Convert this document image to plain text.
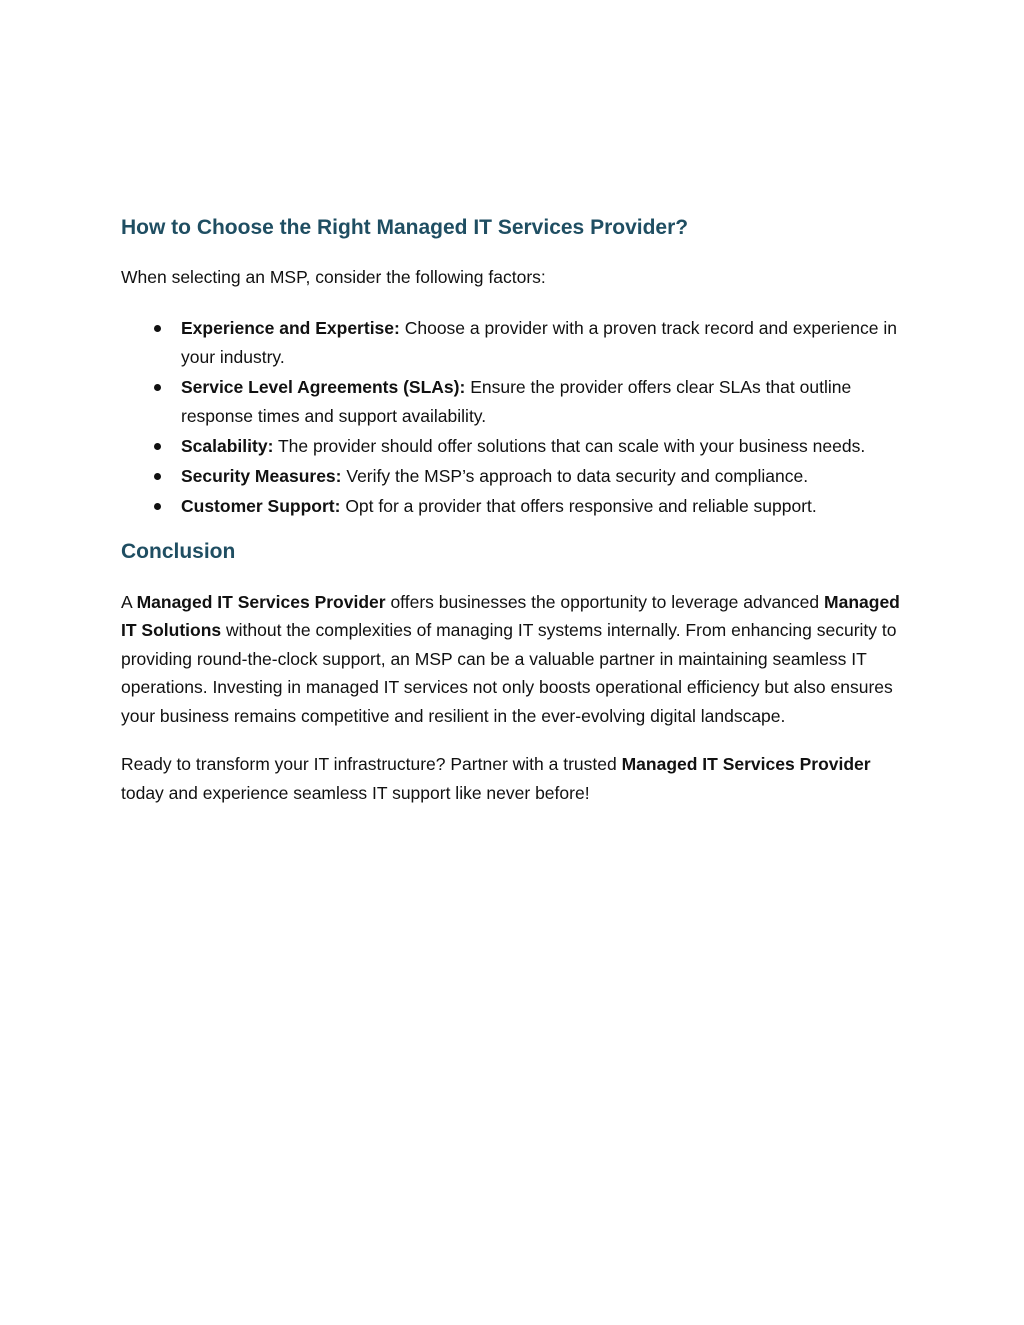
How to Choose the Right Managed IT Services Provider?

When selecting an MSP, consider the following factors:

Experience and Expertise: Choose a provider with a proven track record and experience in your industry.
Service Level Agreements (SLAs): Ensure the provider offers clear SLAs that outline response times and support availability.
Scalability: The provider should offer solutions that can scale with your business needs.
Security Measures: Verify the MSP’s approach to data security and compliance.
Customer Support: Opt for a provider that offers responsive and reliable support.
Conclusion

A Managed IT Services Provider offers businesses the opportunity to leverage advanced Managed IT Solutions without the complexities of managing IT systems internally. From enhancing security to providing round-the-clock support, an MSP can be a valuable partner in maintaining seamless IT operations. Investing in managed IT services not only boosts operational efficiency but also ensures your business remains competitive and resilient in the ever-evolving digital landscape.

Ready to transform your IT infrastructure? Partner with a trusted Managed IT Services Provider today and experience seamless IT support like never before!
